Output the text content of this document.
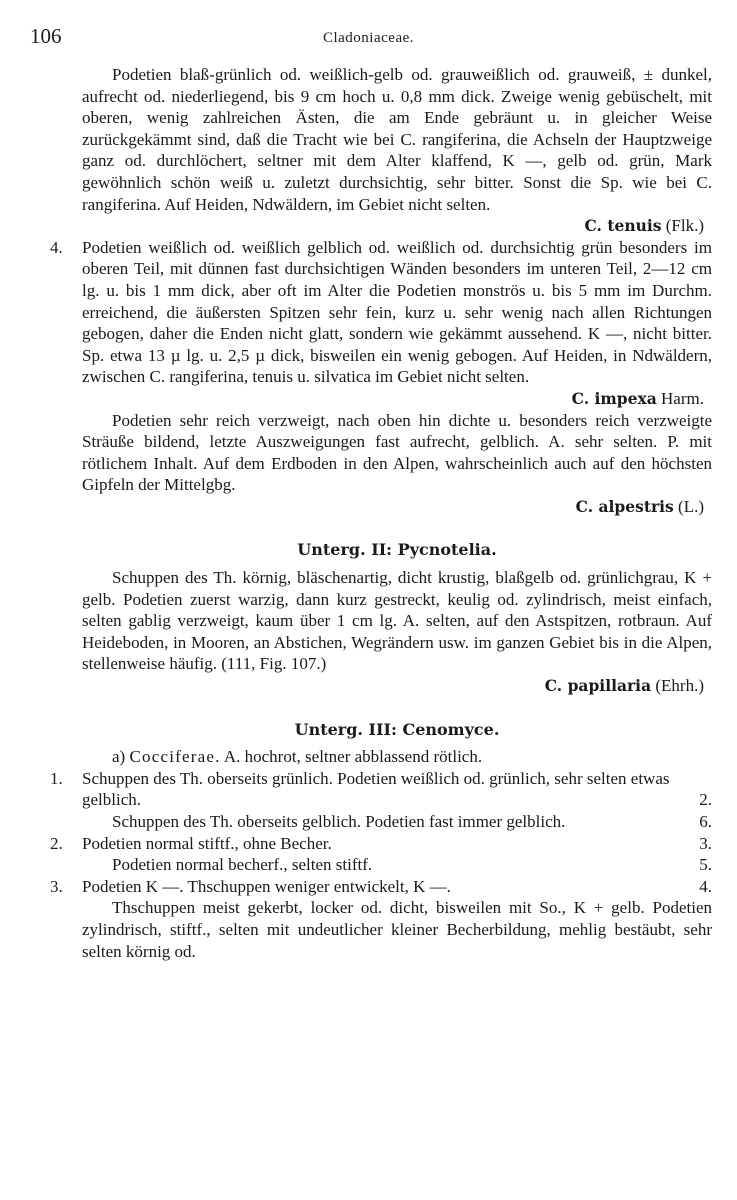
106	Cladoniaceae.
Podetien blaß-grünlich od. weißlich-gelb od. grauweißlich od. grauweiß, ± dunkel, aufrecht od. niederliegend, bis 9 cm hoch u. 0,8 mm dick. Zweige wenig gebüschelt, mit oberen, wenig zahlreichen Ästen, die am Ende gebräunt u. in gleicher Weise zurückgekämmt sind, daß die Tracht wie bei C. rangiferina, die Achseln der Hauptzweige ganz od. durchlöchert, seltner mit dem Alter klaffend, K —, gelb od. grün, Mark gewöhnlich schön weiß u. zuletzt durchsichtig, sehr bitter. Sonst die Sp. wie bei C. rangiferina. Auf Heiden, Ndwäldern, im Gebiet nicht selten.
C. tenuis (Flk.)
4. Podetien weißlich od. weißlich gelblich od. weißlich od. durchsichtig grün besonders im oberen Teil, mit dünnen fast durchsichtigen Wänden besonders im unteren Teil, 2—12 cm lg. u. bis 1 mm dick, aber oft im Alter die Podetien monströs u. bis 5 mm im Durchm. erreichend, die äußersten Spitzen sehr fein, kurz u. sehr wenig nach allen Richtungen gebogen, daher die Enden nicht glatt, sondern wie gekämmt aussehend. K —, nicht bitter. Sp. etwa 13 µ lg. u. 2,5 µ dick, bisweilen ein wenig gebogen. Auf Heiden, in Ndwäldern, zwischen C. rangiferina, tenuis u. silvatica im Gebiet nicht selten.
C. impexa Harm.
Podetien sehr reich verzweigt, nach oben hin dichte u. besonders reich verzweigte Sträuße bildend, letzte Auszweigungen fast aufrecht, gelblich. A. sehr selten. P. mit rötlichem Inhalt. Auf dem Erdboden in den Alpen, wahrscheinlich auch auf den höchsten Gipfeln der Mittelgbg.
C. alpestris (L.)
Unterg. II: Pycnotelia.
Schuppen des Th. körnig, bläschenartig, dicht krustig, blaßgelb od. grünlichgrau, K + gelb. Podetien zuerst warzig, dann kurz gestreckt, keulig od. zylindrisch, meist einfach, selten gablig verzweigt, kaum über 1 cm lg. A. selten, auf den Astspitzen, rotbraun. Auf Heideboden, in Mooren, an Abstichen, Wegrändern usw. im ganzen Gebiet bis in die Alpen, stellenweise häufig. (111, Fig. 107.)
C. papillaria (Ehrh.)
Unterg. III: Cenomyce.
a) Cocciferae. A. hochrot, seltner abblassend rötlich.
1. Schuppen des Th. oberseits grünlich. Podetien weißlich od. grünlich, sehr selten etwas gelblich.	2.
Schuppen des Th. oberseits gelblich. Podetien fast immer gelblich.	6.
2. Podetien normal stiftf., ohne Becher.	3.
Podetien normal becherf., selten stiftf.	5.
3. Podetien K —. Thschuppen weniger entwickelt, K —.	4.
Thschuppen meist gekerbt, locker od. dicht, bisweilen mit So., K + gelb. Podetien zylindrisch, stiftf., selten mit undeutlicher kleiner Becherbildung, mehlig bestäubt, sehr selten körnig od.
